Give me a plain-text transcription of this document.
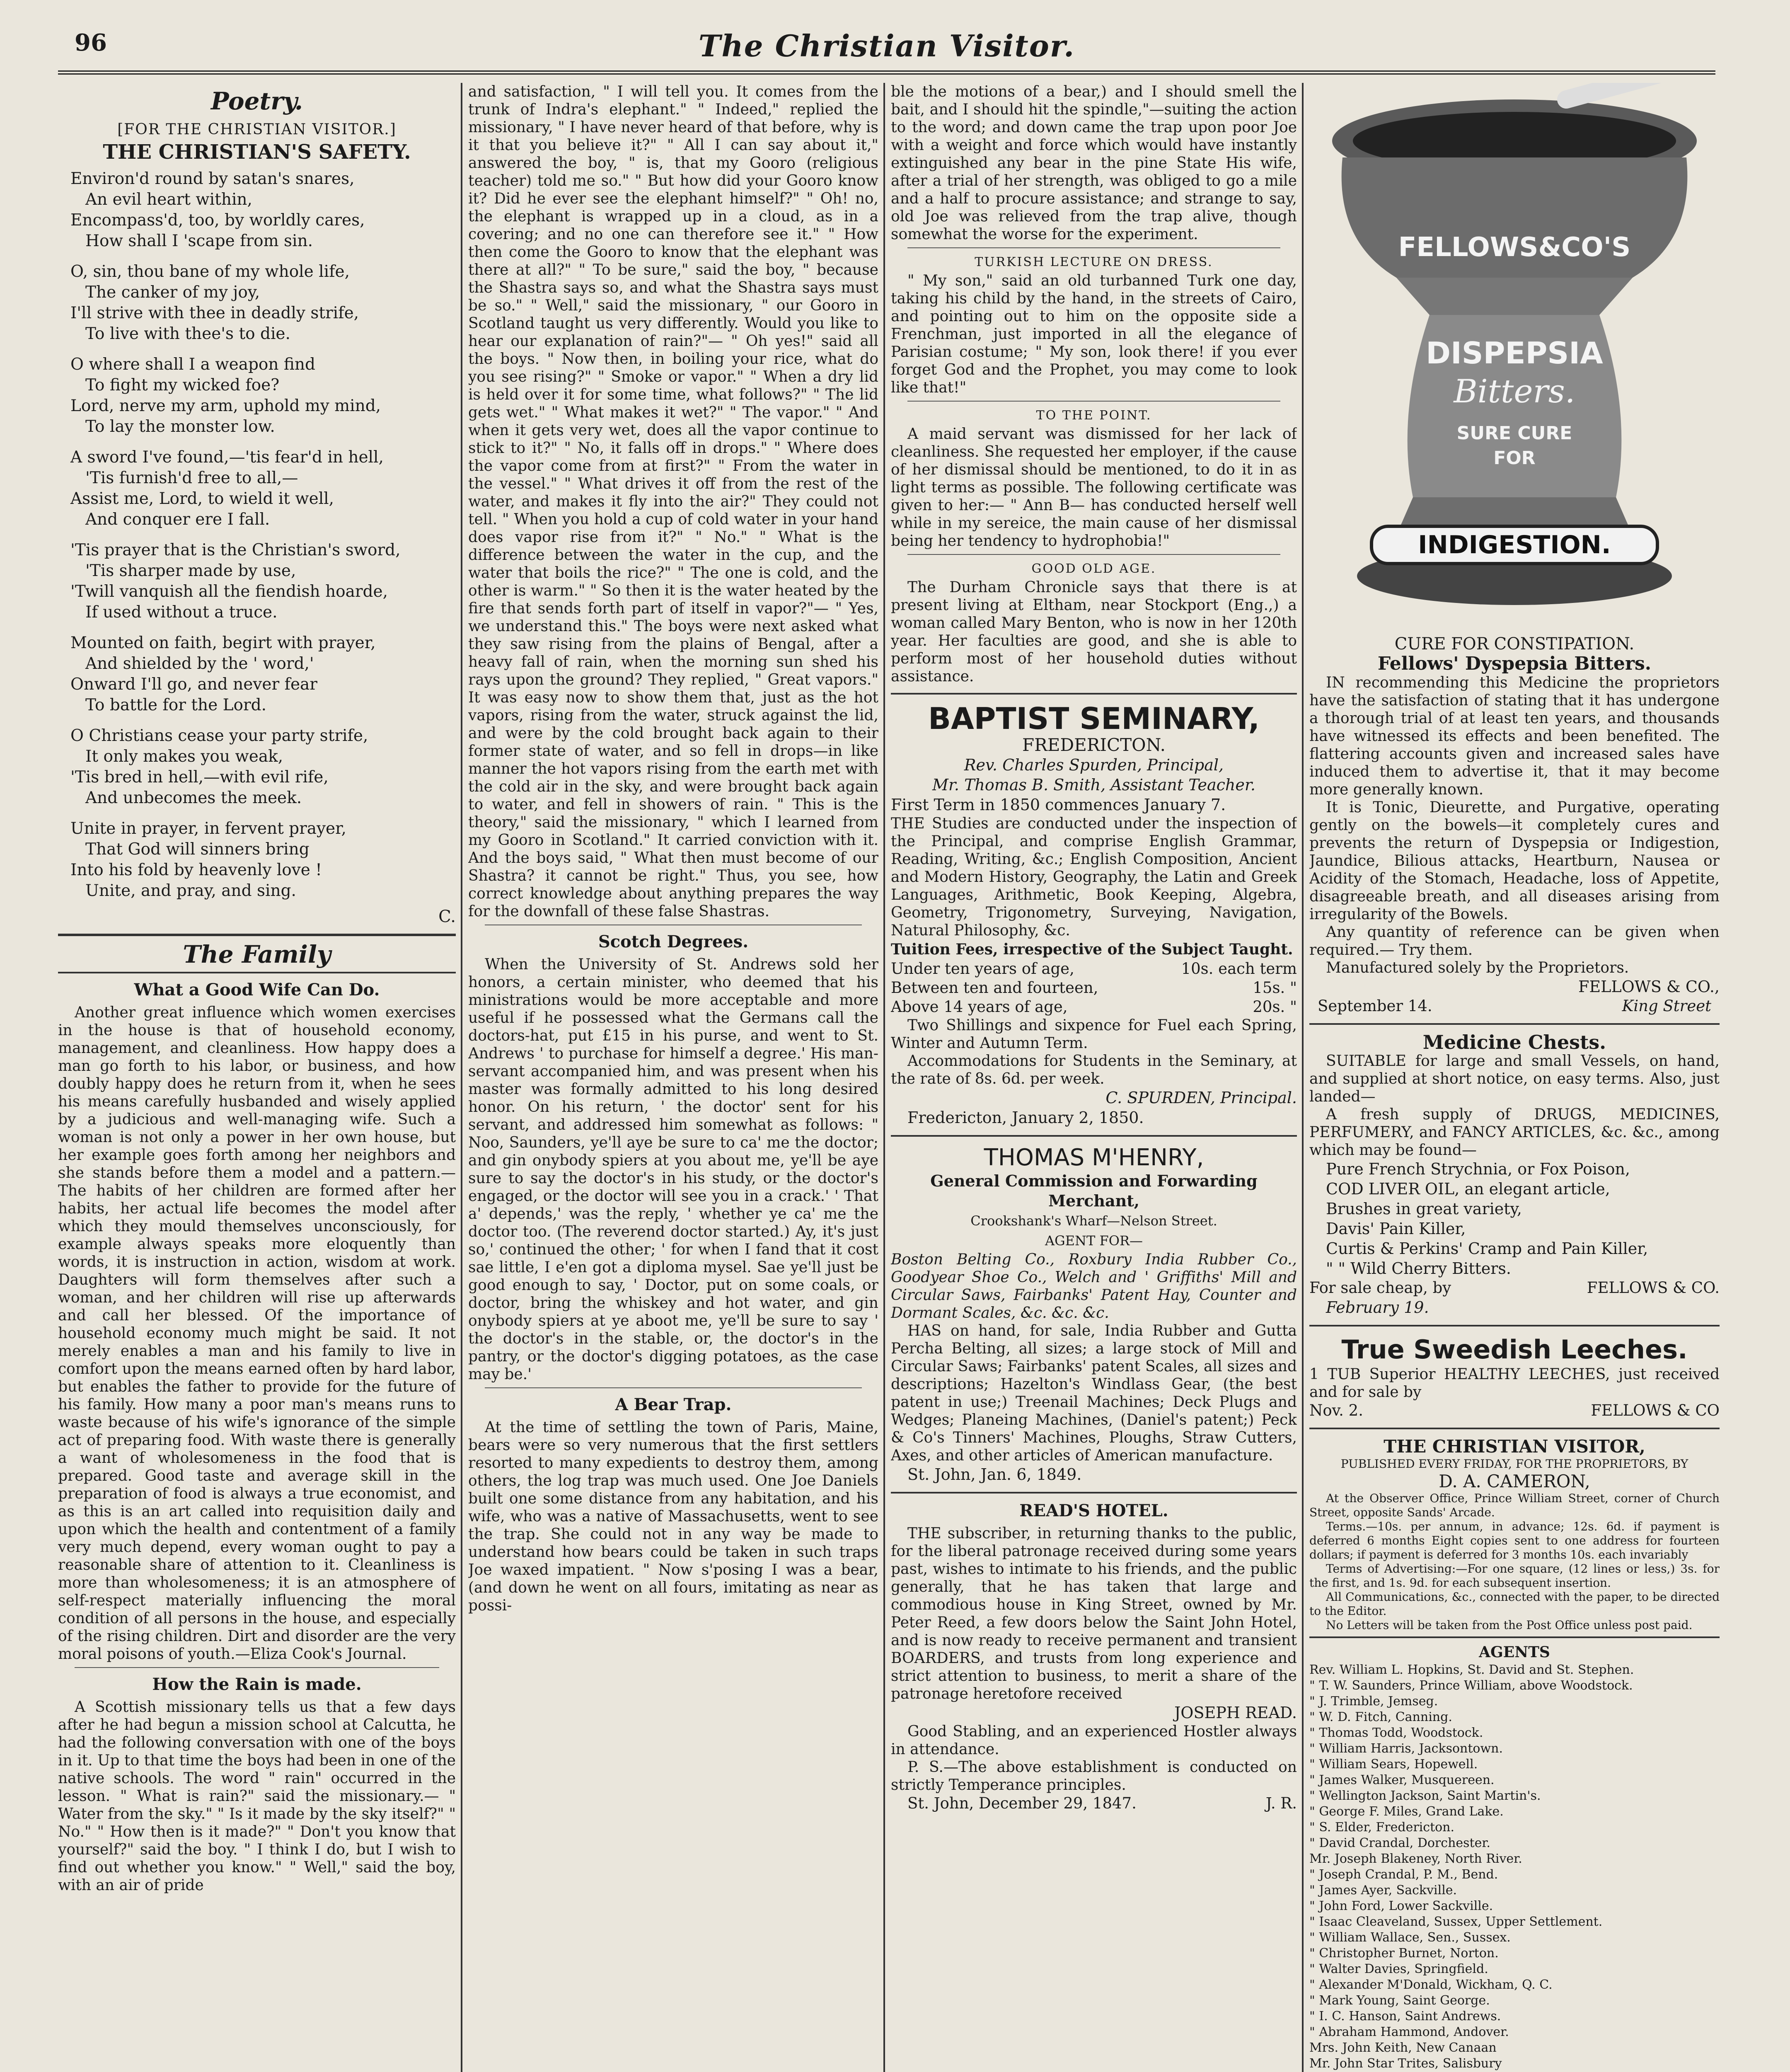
96	The Christian Visitor.
Poetry.
[FOR THE CHRISTIAN VISITOR.]
THE CHRISTIAN'S SAFETY.
Environ'd round by satan's snares,
An evil heart within,
Encompass'd, too, by worldly cares,
How shall I 'scape from sin.
O, sin, thou bane of my whole life,
The canker of my joy,
I'll strive with thee in deadly strife,
To live with thee's to die.
O where shall I a weapon find
To fight my wicked foe?
Lord, nerve my arm, uphold my mind,
To lay the monster low.
A sword I've found,—'tis fear'd in hell,
'Tis furnish'd free to all,—
Assist me, Lord, to wield it well,
And conquer ere I fall.
'Tis prayer that is the Christian's sword,
'Tis sharper made by use,
'Twill vanquish all the fiendish hoarde,
If used without a truce.
Mounted on faith, begirt with prayer,
And shielded by the ' word,'
Onward I'll go, and never fear
To battle for the Lord.
O Christians cease your party strife,
It only makes you weak,
'Tis bred in hell,—with evil rife,
And unbecomes the meek.
Unite in prayer, in fervent prayer,
That God will sinners bring
Into his fold by heavenly love !
Unite, and pray, and sing.
C.
The Family
What a Good Wife Can Do.

Another great influence which women exercises in the house is that of household economy, management, and cleanliness. How happy does a man go forth to his labor, or business, and how doubly happy does he return from it, when he sees his means carefully husbanded and wisely applied by a judicious and well-managing wife. Such a woman is not only a power in her own house, but her example goes forth among her neighbors and she stands before them a model and a pattern.— The habits of her children are formed after her habits, her actual life becomes the model after which they mould themselves unconsciously, for example always speaks more eloquently than words, it is instruction in action, wisdom at work. Daughters will form themselves after such a woman, and her children will rise up afterwards and call her blessed. Of the importance of household economy much might be said. It not merely enables a man and his family to live in comfort upon the means earned often by hard labor, but enables the father to provide for the future of his family. How many a poor man's means runs to waste because of his wife's ignorance of the simple act of preparing food. With waste there is generally a want of wholesomeness in the food that is prepared. Good taste and average skill in the preparation of food is always a true economist, and as this is an art called into requisition daily and upon which the health and contentment of a family very much depend, every woman ought to pay a reasonable share of attention to it. Cleanliness is more than wholesomeness; it is an atmosphere of self-respect materially influencing the moral condition of all persons in the house, and especially of the rising children. Dirt and disorder are the very moral poisons of youth.—Eliza Cook's Journal.

How the Rain is made.

A Scottish missionary tells us that a few days after he had begun a mission school at Calcutta, he had the following conversation with one of the boys in it. Up to that time the boys had been in one of the native schools. The word " rain" occurred in the lesson. " What is rain?" said the missionary.— " Water from the sky." " Is it made by the sky itself?" " No." " How then is it made?" " Don't you know that yourself?" said the boy. " I think I do, but I wish to find out whether you know." " Well," said the boy, with an air of pride

and satisfaction, " I will tell you. It comes from the trunk of Indra's elephant." " Indeed," replied the missionary, " I have never heard of that before, why is it that you believe it?" " All I can say about it," answered the boy, " is, that my Gooro (religious teacher) told me so." " But how did your Gooro know it? Did he ever see the elephant himself?" " Oh! no, the elephant is wrapped up in a cloud, as in a covering; and no one can therefore see it." " How then come the Gooro to know that the elephant was there at all?" " To be sure," said the boy, " because the Shastra says so, and what the Shastra says must be so." " Well," said the missionary, " our Gooro in Scotland taught us very differently. Would you like to hear our explanation of rain?"— " Oh yes!" said all the boys. " Now then, in boiling your rice, what do you see rising?" " Smoke or vapor." " When a dry lid is held over it for some time, what follows?" " The lid gets wet." " What makes it wet?" " The vapor." " And when it gets very wet, does all the vapor continue to stick to it?" " No, it falls off in drops." " Where does the vapor come from at first?" " From the water in the vessel." " What drives it off from the rest of the water, and makes it fly into the air?" They could not tell. " When you hold a cup of cold water in your hand does vapor rise from it?" " No." " What is the difference between the water in the cup, and the water that boils the rice?" " The one is cold, and the other is warm." " So then it is the water heated by the fire that sends forth part of itself in vapor?"— " Yes, we understand this." The boys were next asked what they saw rising from the plains of Bengal, after a heavy fall of rain, when the morning sun shed his rays upon the ground? They replied, " Great vapors." It was easy now to show them that, just as the hot vapors, rising from the water, struck against the lid, and were by the cold brought back again to their former state of water, and so fell in drops—in like manner the hot vapors rising from the earth met with the cold air in the sky, and were brought back again to water, and fell in showers of rain. " This is the theory," said the missionary, " which I learned from my Gooro in Scotland." It carried conviction with it. And the boys said, " What then must become of our Shastra? it cannot be right." Thus, you see, how correct knowledge about anything prepares the way for the downfall of these false Shastras.

Scotch Degrees.

When the University of St. Andrews sold her honors, a certain minister, who deemed that his ministrations would be more acceptable and more useful if he possessed what the Germans call the doctors-hat, put £15 in his purse, and went to St. Andrews ' to purchase for himself a degree.' His man-servant accompanied him, and was present when his master was formally admitted to his long desired honor. On his return, ' the doctor' sent for his servant, and addressed him somewhat as follows: " Noo, Saunders, ye'll aye be sure to ca' me the doctor; and gin onybody spiers at you about me, ye'll be aye sure to say the doctor's in his study, or the doctor's engaged, or the doctor will see you in a crack.' ' That a' depends,' was the reply, ' whether ye ca' me the doctor too. (The reverend doctor started.) Ay, it's just so,' continued the other; ' for when I fand that it cost sae little, I e'en got a diploma mysel. Sae ye'll just be good enough to say, ' Doctor, put on some coals, or doctor, bring the whiskey and hot water, and gin onybody spiers at ye aboot me, ye'll be sure to say ' the doctor's in the stable, or, the doctor's in the pantry, or the doctor's digging potatoes, as the case may be.'

A Bear Trap.

At the time of settling the town of Paris, Maine, bears were so very numerous that the first settlers resorted to many expedients to destroy them, among others, the log trap was much used. One Joe Daniels built one some distance from any habitation, and his wife, who was a native of Massachusetts, went to see the trap. She could not in any way be made to understand how bears could be taken in such traps Joe waxed impatient. " Now s'posing I was a bear, (and down he went on all fours, imitating as near as possi-

ble the motions of a bear,) and I should smell the bait, and I should hit the spindle,"—suiting the action to the word; and down came the trap upon poor Joe with a weight and force which would have instantly extinguished any bear in the pine State His wife, after a trial of her strength, was obliged to go a mile and a half to procure assistance; and strange to say, old Joe was relieved from the trap alive, though somewhat the worse for the experiment.

TURKISH LECTURE ON DRESS.

" My son," said an old turbanned Turk one day, taking his child by the hand, in the streets of Cairo, and pointing out to him on the opposite side a Frenchman, just imported in all the elegance of Parisian costume; " My son, look there! if you ever forget God and the Prophet, you may come to look like that!"

TO THE POINT.

A maid servant was dismissed for her lack of cleanliness. She requested her employer, if the cause of her dismissal should be mentioned, to do it in as light terms as possible. The following certificate was given to her:— " Ann B— has conducted herself well while in my sereice, the main cause of her dismissal being her tendency to hydrophobia!"

GOOD OLD AGE.

The Durham Chronicle says that there is at present living at Eltham, near Stockport (Eng.,) a woman called Mary Benton, who is now in her 120th year. Her faculties are good, and she is able to perform most of her household duties without assistance.

BAPTIST SEMINARY,
FREDERICTON.
Rev. Charles Spurden, Principal,
Mr. Thomas B. Smith, Assistant Teacher.
First Term in 1850 commences January 7.

THE Studies are conducted under the inspection of the Principal, and comprise English Grammar, Reading, Writing, &c.; English Composition, Ancient and Modern History, Geography, the Latin and Greek Languages, Arithmetic, Book Keeping, Algebra, Geometry, Trigonometry, Surveying, Navigation, Natural Philosophy, &c.

Tuition Fees, irrespective of the Subject Taught.
Under ten years of age,	10s. each term
Between ten and fourteen,	15s. "
Above 14 years of age,	20s. "

Two Shillings and sixpence for Fuel each Spring, Winter and Autumn Term.

Accommodations for Students in the Seminary, at the rate of 8s. 6d. per week.

C. SPURDEN, Principal.
Fredericton, January 2, 1850.
THOMAS M'HENRY,
General Commission and Forwarding Merchant,
Crookshank's Wharf—Nelson Street.
AGENT FOR—

Boston Belting Co., Roxbury India Rubber Co., Goodyear Shoe Co., Welch and ' Griffiths' Mill and Circular Saws, Fairbanks' Patent Hay, Counter and Dormant Scales, &c. &c. &c.

HAS on hand, for sale, India Rubber and Gutta Percha Belting, all sizes; a large stock of Mill and Circular Saws; Fairbanks' patent Scales, all sizes and descriptions; Hazelton's Windlass Gear, (the best patent in use;) Treenail Machines; Deck Plugs and Wedges; Planeing Machines, (Daniel's patent;) Peck & Co's Tinners' Machines, Ploughs, Straw Cutters, Axes, and other articles of American manufacture.

St. John, Jan. 6, 1849.
READ'S HOTEL.

THE subscriber, in returning thanks to the public, for the liberal patronage received during some years past, wishes to intimate to his friends, and the public generally, that he has taken that large and commodious house in King Street, owned by Mr. Peter Reed, a few doors below the Saint John Hotel, and is now ready to receive permanent and transient BOARDERS, and trusts from long experience and strict attention to business, to merit a share of the patronage heretofore received

JOSEPH READ.

Good Stabling, and an experienced Hostler always in attendance.

P. S.—The above establishment is conducted on strictly Temperance principles.

St. John, December 29, 1847.	J. R.
FELLOWS&CO'S
DISPEPSIA
Bitters.
SURE CURE
FOR
INDIGESTION.
CURE FOR CONSTIPATION.
Fellows' Dyspepsia Bitters.

IN recommending this Medicine the proprietors have the satisfaction of stating that it has undergone a thorough trial of at least ten years, and thousands have witnessed its effects and been benefited. The flattering accounts given and increased sales have induced them to advertise it, that it may become more generally known.

It is Tonic, Dieurette, and Purgative, operating gently on the bowels—it completely cures and prevents the return of Dyspepsia or Indigestion, Jaundice, Bilious attacks, Heartburn, Nausea or Acidity of the Stomach, Headache, loss of Appetite, disagreeable breath, and all diseases arising from irregularity of the Bowels.

Any quantity of reference can be given when required.— Try them.

Manufactured solely by the Proprietors.

FELLOWS & CO.,
September 14.	King Street
Medicine Chests.

SUITABLE for large and small Vessels, on hand, and supplied at short notice, on easy terms. Also, just landed—

A fresh supply of DRUGS, MEDICINES, PERFUMERY, and FANCY ARTICLES, &c. &c., among which may be found—

Pure French Strychnia, or Fox Poison,
COD LIVER OIL, an elegant article,
Brushes in great variety,
Davis' Pain Killer,
Curtis & Perkins' Cramp and Pain Killer,
" " Wild Cherry Bitters.
For sale cheap, by	FELLOWS & CO.
February 19.
True Sweedish Leeches.

1 TUB Superior HEALTHY LEECHES, just received and for sale by

Nov. 2.	FELLOWS & CO
THE CHRISTIAN VISITOR,
PUBLISHED EVERY FRIDAY, FOR THE PROPRIETORS, BY
D. A. CAMERON,

At the Observer Office, Prince William Street, corner of Church Street, opposite Sands' Arcade.

Terms.—10s. per annum, in advance; 12s. 6d. if payment is deferred 6 months Eight copies sent to one address for fourteen dollars; if payment is deferred for 3 months 10s. each invariably

Terms of Advertising:—For one square, (12 lines or less,) 3s. for the first, and 1s. 9d. for each subsequent insertion.

All Communications, &c., connected with the paper, to be directed to the Editor.

No Letters will be taken from the Post Office unless post paid.

AGENTS
Rev. William L. Hopkins, St. David and St. Stephen.
" T. W. Saunders, Prince William, above Woodstock.
" J. Trimble, Jemseg.
" W. D. Fitch, Canning.
" Thomas Todd, Woodstock.
" William Harris, Jacksontown.
" William Sears, Hopewell.
" James Walker, Musquereen.
" Wellington Jackson, Saint Martin's.
" George F. Miles, Grand Lake.
" S. Elder, Fredericton.
" David Crandal, Dorchester.
Mr. Joseph Blakeney, North River.
" Joseph Crandal, P. M., Bend.
" James Ayer, Sackville.
" John Ford, Lower Sackville.
" Isaac Cleaveland, Sussex, Upper Settlement.
" William Wallace, Sen., Sussex.
" Christopher Burnet, Norton.
" Walter Davies, Springfield.
" Alexander M'Donald, Wickham, Q. C.
" Mark Young, Saint George.
" I. C. Hanson, Saint Andrews.
" Abraham Hammond, Andover.
Mrs. John Keith, New Canaan
Mr. John Star Trites, Salisbury
